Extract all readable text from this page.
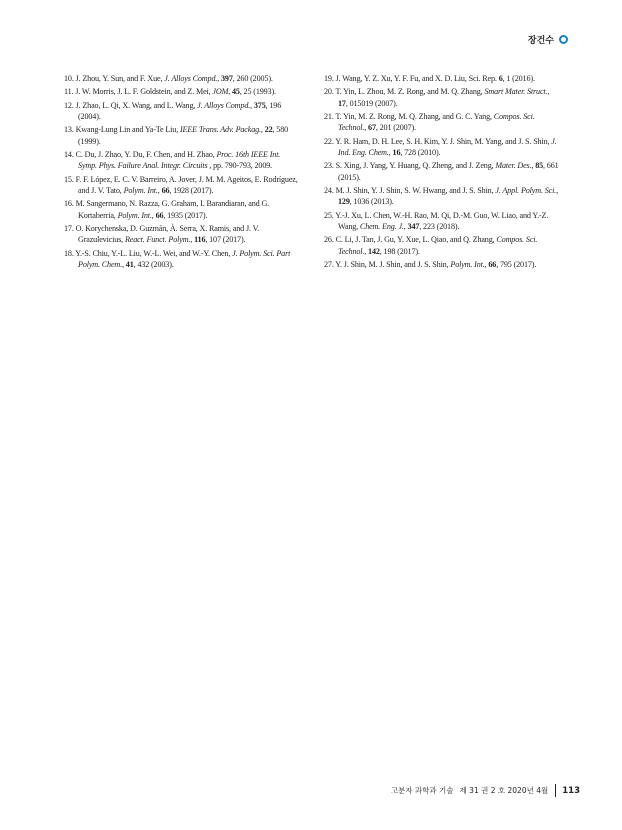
장건수

10. J. Zhou, Y. Sun, and F. Xue, J. Alloys Compd., 397, 260 (2005).

11. J. W. Morris, J. L. F. Goldstein, and Z. Mei, JOM, 45, 25 (1993).

12. J. Zhao, L. Qi, X. Wang, and L. Wang, J. Alloys Compd., 375, 196 (2004).

13. Kwang-Lung Lin and Ya-Te Liu, IEEE Trans. Adv. Packag., 22, 580 (1999).

14. C. Du, J. Zhao, Y. Du, F. Chen, and H. Zhao, Proc. 16th IEEE Int. Symp. Phys. Failure Anal. Integr. Circuits , pp. 790-793, 2009.

15. F. F. López, E. C. V. Barreiro, A. Jover, J. M. M. Ageitos, E. Rodríguez, and J. V. Tato, Polym. Int., 66, 1928 (2017).

16. M. Sangermano, N. Razza, G. Graham, I. Barandiaran, and G. Kortaberria, Polym. Int., 66, 1935 (2017).

17. O. Korychenska, D. Guzmán, À. Serra, X. Ramis, and J. V. Grazulevicius, React. Funct. Polym., 116, 107 (2017).

18. Y.-S. Chiu, Y.-L. Liu, W.-L. Wei, and W.-Y. Chen, J. Polym. Sci. Part Polym. Chem., 41, 432 (2003).

19. J. Wang, Y. Z. Xu, Y. F. Fu, and X. D. Liu, Sci. Rep. 6, 1 (2016).

20. T. Yin, L. Zhou, M. Z. Rong, and M. Q. Zhang, Smart Mater. Struct., 17, 015019 (2007).

21. T. Yin, M. Z. Rong, M. Q. Zhang, and G. C. Yang, Compos. Sci. Technol., 67, 201 (2007).

22. Y. R. Ham, D. H. Lee, S. H. Kim, Y. J. Shin, M. Yang, and J. S. Shin, J. Ind. Eng. Chem., 16, 728 (2010).

23. S. Xing, J. Yang, Y. Huang, Q. Zheng, and J. Zeng, Mater. Des., 85, 661 (2015).

24. M. J. Shin, Y. J. Shin, S. W. Hwang, and J. S. Shin, J. Appl. Polym. Sci., 129, 1036 (2013).

25. Y.-J. Xu, L. Chen, W.-H. Rao, M. Qi, D.-M. Guo, W. Liao, and Y.-Z. Wang, Chem. Eng. J., 347, 223 (2018).

26. C. Li, J. Tan, J. Gu, Y. Xue, L. Qiao, and Q. Zhang, Compos. Sci. Technol., 142, 198 (2017).

27. Y. J. Shin, M. J. Shin, and J. S. Shin, Polym. Int., 66, 795 (2017).

고분자 과학과 기술 제 31 권 2 호 2020년 4월 113
